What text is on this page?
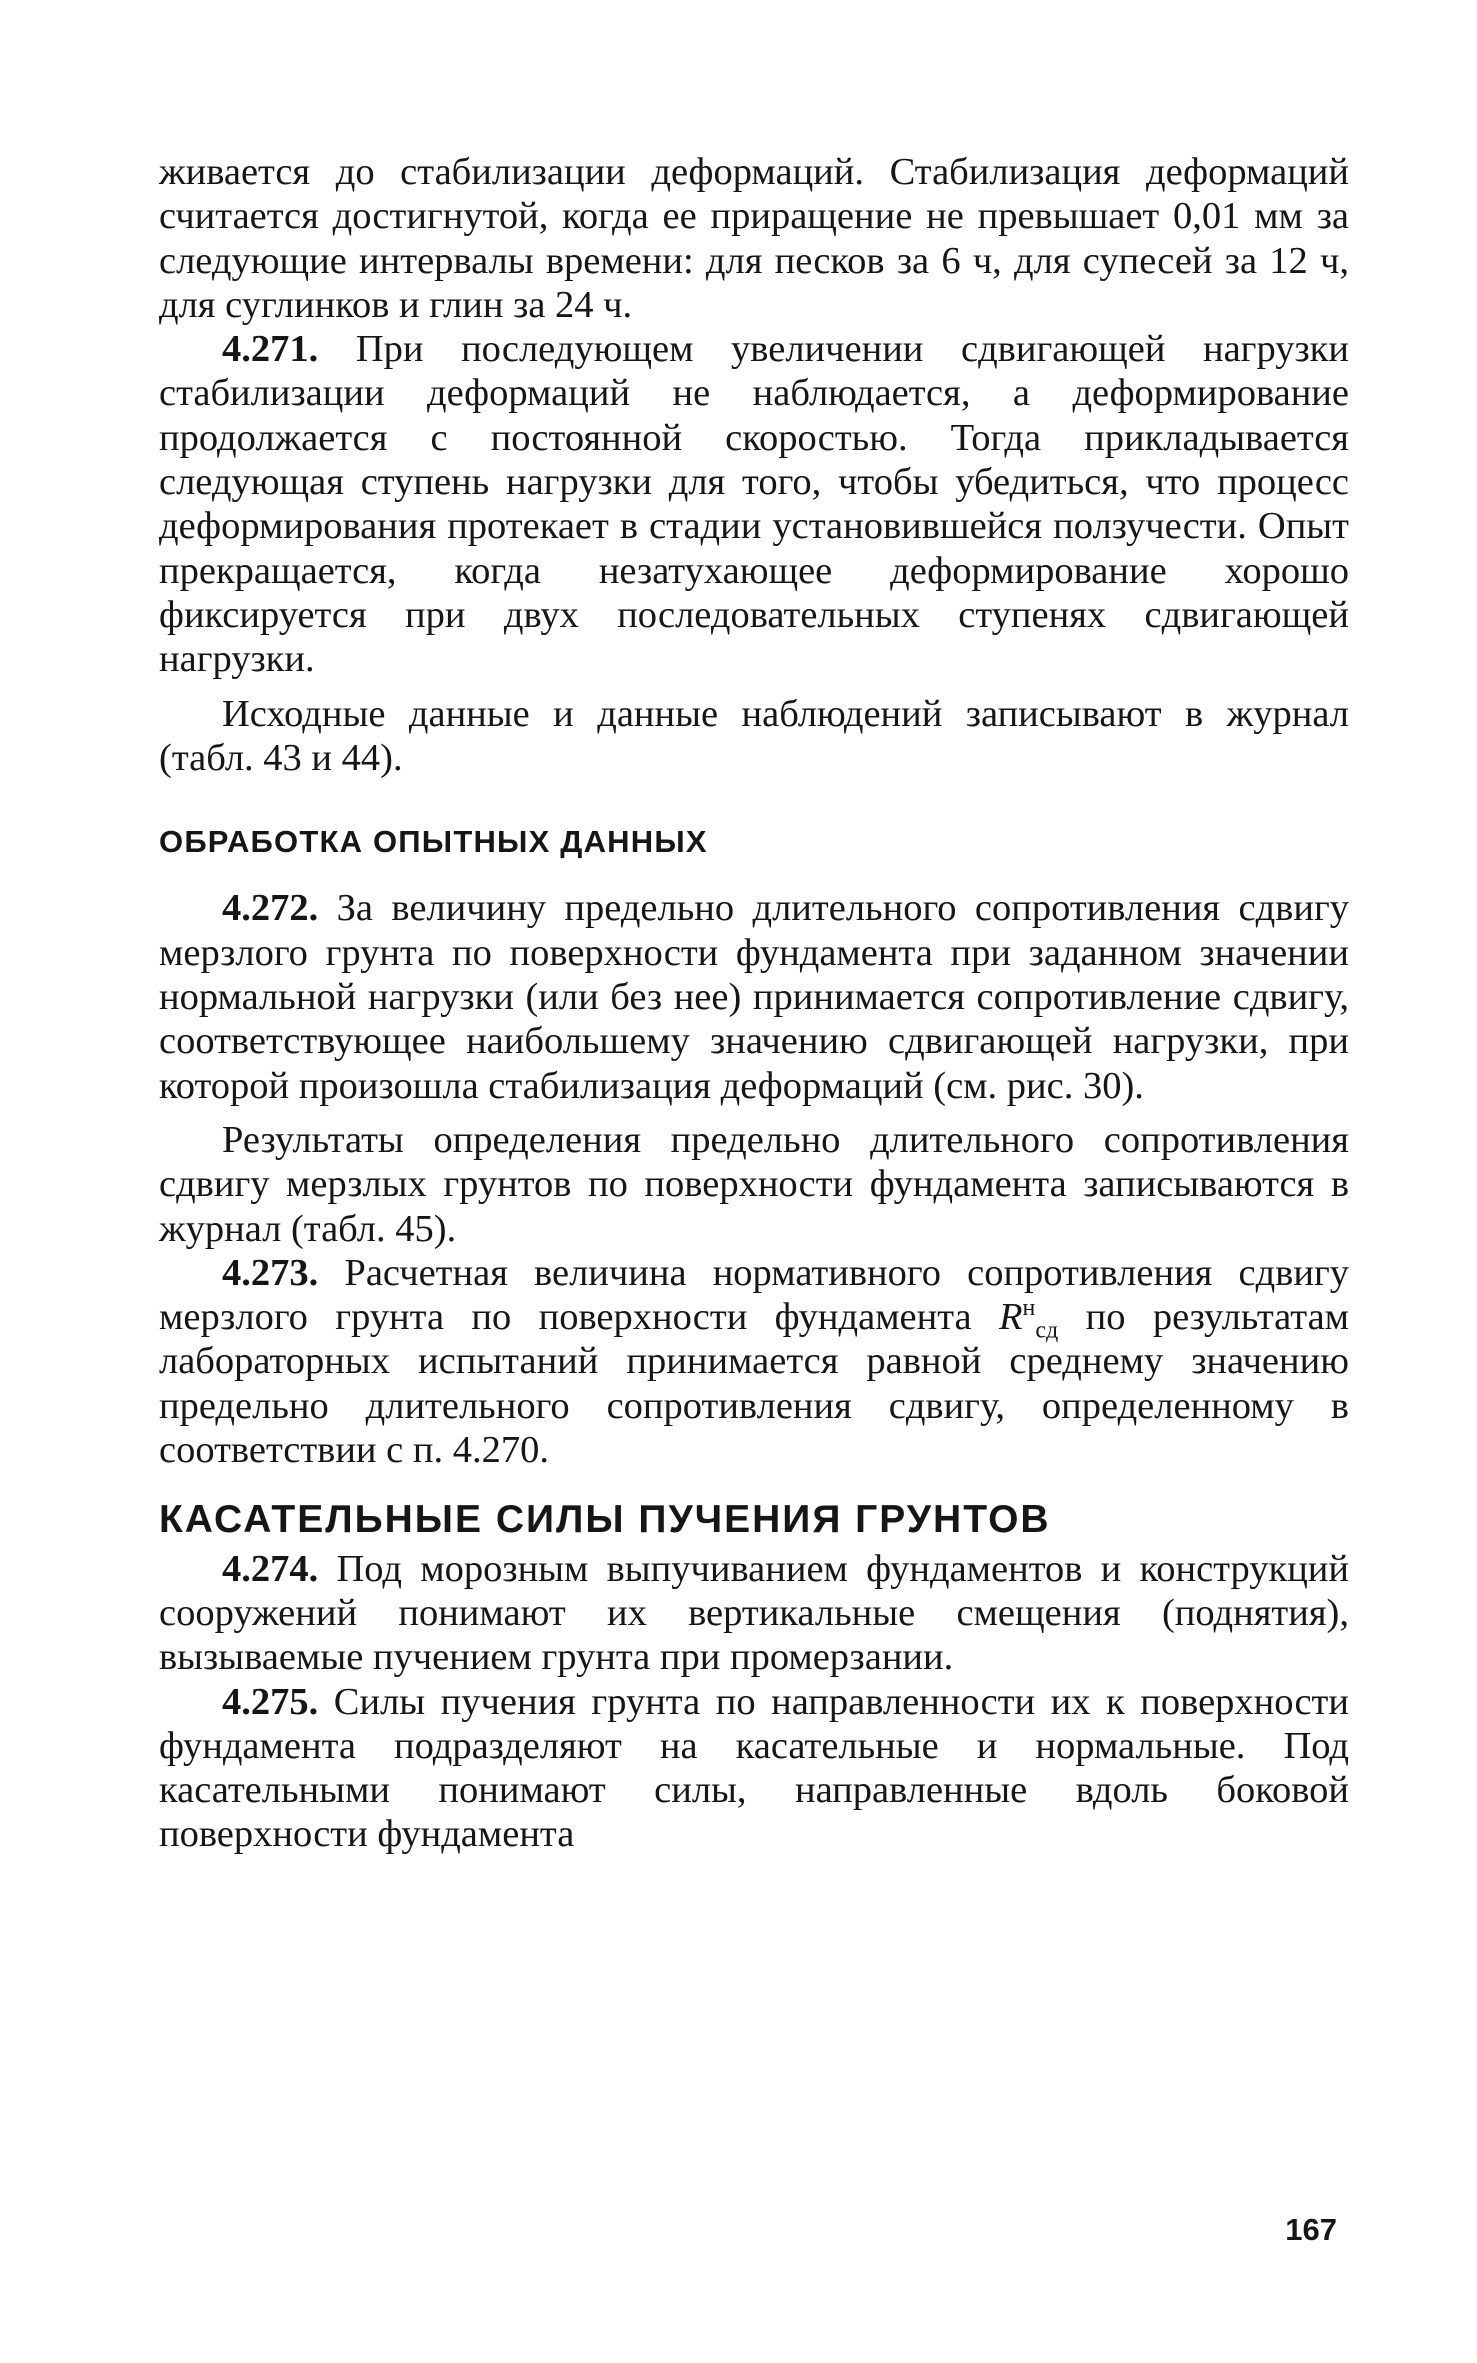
живается до стабилизации деформаций. Стабилизация деформаций считается достигнутой, когда ее приращение не превышает 0,01 мм за следующие интервалы времени: для песков за 6 ч, для супесей за 12 ч, для суглинков и глин за 24 ч.

4.271. При последующем увеличении сдвигающей нагрузки стабилизации деформаций не наблюдается, а деформирование продолжается с постоянной скоростью. Тогда прикладывается следующая ступень нагрузки для того, чтобы убедиться, что процесс деформирования протекает в стадии установившейся ползучести. Опыт прекращается, когда незатухающее деформирование хорошо фиксируется при двух последовательных ступенях сдвигающей нагрузки.

Исходные данные и данные наблюдений записывают в журнал (табл. 43 и 44).

ОБРАБОТКА ОПЫТНЫХ ДАННЫХ

4.272. За величину предельно длительного сопротивления сдвигу мерзлого грунта по поверхности фундамента при заданном значении нормальной нагрузки (или без нее) принимается сопротивление сдвигу, соответствующее наибольшему значению сдвигающей нагрузки, при которой произошла стабилизация деформаций (см. рис. 30).

Результаты определения предельно длительного сопротивления сдвигу мерзлых грунтов по поверхности фундамента записываются в журнал (табл. 45).

4.273. Расчетная величина нормативного сопротивления сдвигу мерзлого грунта по поверхности фундамента $R^н_{сд}$ по результатам лабораторных испытаний принимается равной среднему значению предельно длительного сопротивления сдвигу, определенному в соответствии с п. 4.270.

КАСАТЕЛЬНЫЕ СИЛЫ ПУЧЕНИЯ ГРУНТОВ

4.274. Под морозным выпучиванием фундаментов и конструкций сооружений понимают их вертикальные смещения (поднятия), вызываемые пучением грунта при промерзании.

4.275. Силы пучения грунта по направленности их к поверхности фундамента подразделяют на касательные и нормальные. Под касательными понимают силы, направленные вдоль боковой поверхности фундамента

167
